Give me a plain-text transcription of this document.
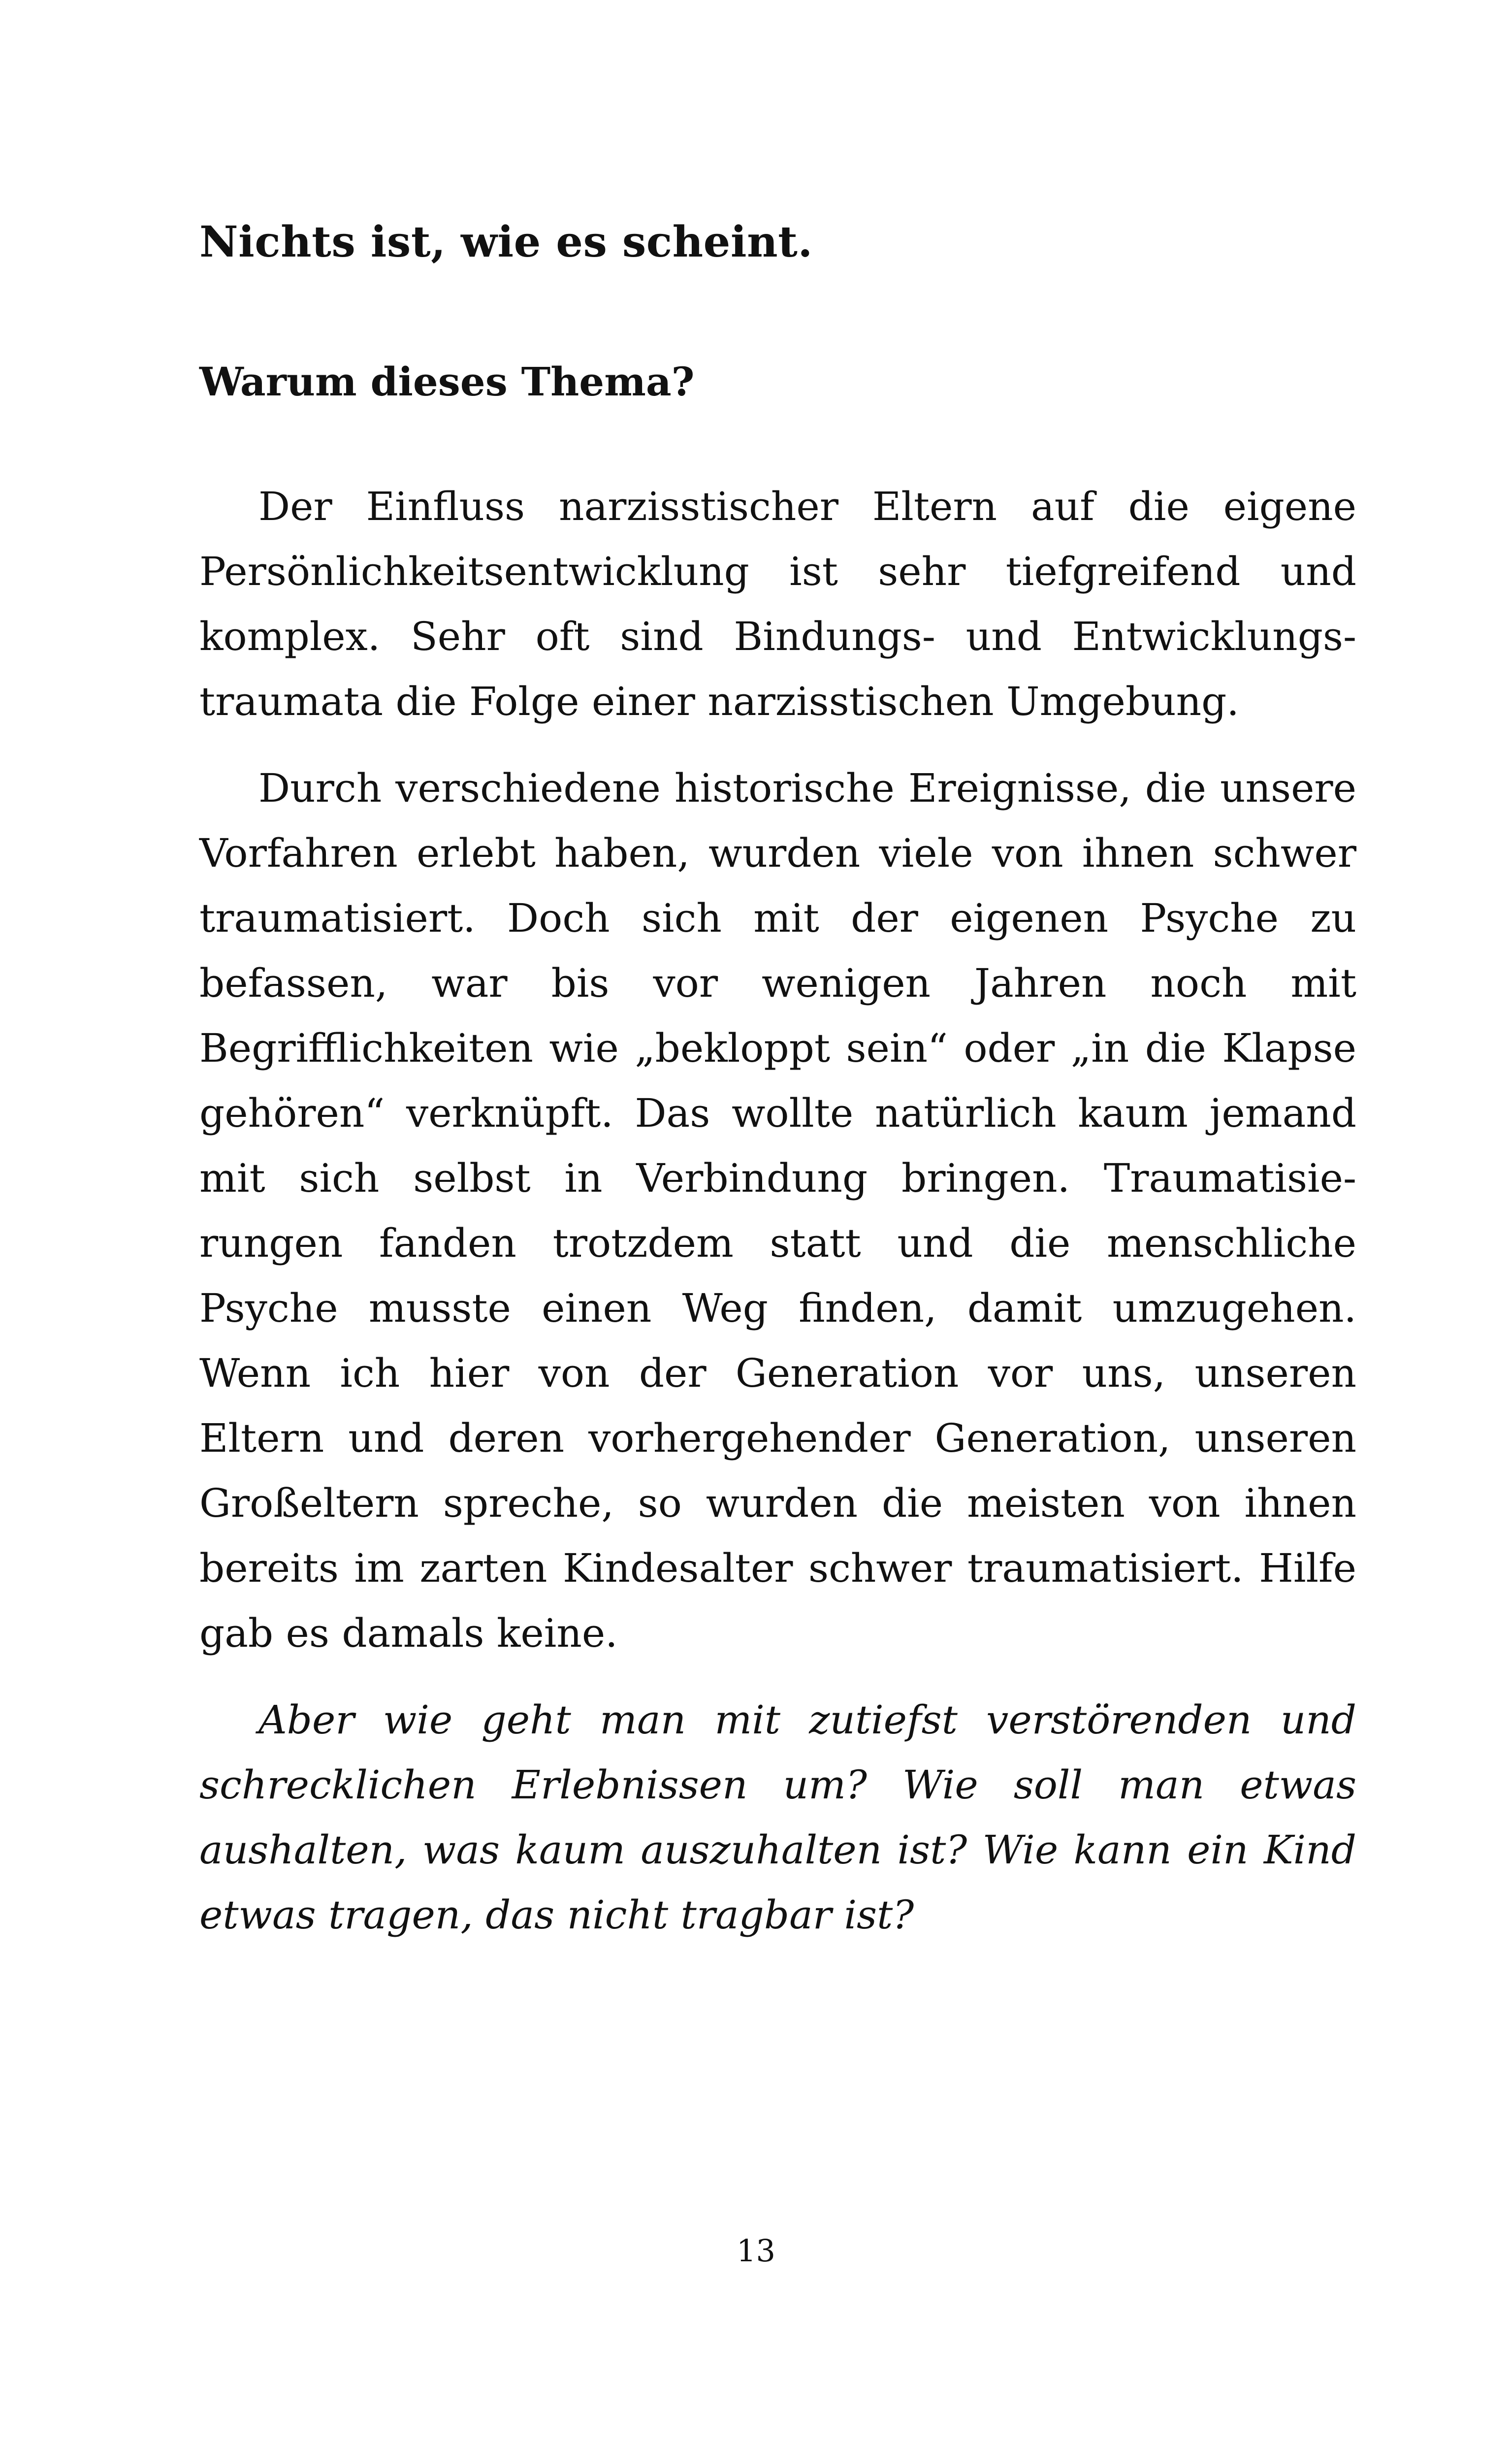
Nichts ist, wie es scheint.
Warum dieses Thema?

Der Einfluss narzisstischer Eltern auf die eigene Persönlichkeitsentwicklung ist sehr tiefgreifend und komplex. Sehr oft sind Bindungs- und Entwicklungstraumata die Folge einer narzisstischen Umgebung.

Durch verschiedene historische Ereignisse, die unsere Vorfahren erlebt haben, wurden viele von ihnen schwer traumatisiert. Doch sich mit der eigenen Psyche zu befassen, war bis vor wenigen Jahren noch mit Begrifflichkeiten wie „bekloppt sein“ oder „in die Klapse gehören“ verknüpft. Das wollte natürlich kaum jemand mit sich selbst in Verbindung bringen. Traumatisierungen fanden trotzdem statt und die menschliche Psyche musste einen Weg finden, damit umzugehen. Wenn ich hier von der Generation vor uns, unseren Eltern und deren vorhergehender Generation, unseren Großeltern spreche, so wurden die meisten von ihnen bereits im zarten Kindesalter schwer traumatisiert. Hilfe gab es damals keine.

Aber wie geht man mit zutiefst verstörenden und schrecklichen Erlebnissen um? Wie soll man etwas aushalten, was kaum auszuhalten ist? Wie kann ein Kind etwas tragen, das nicht tragbar ist?

13
